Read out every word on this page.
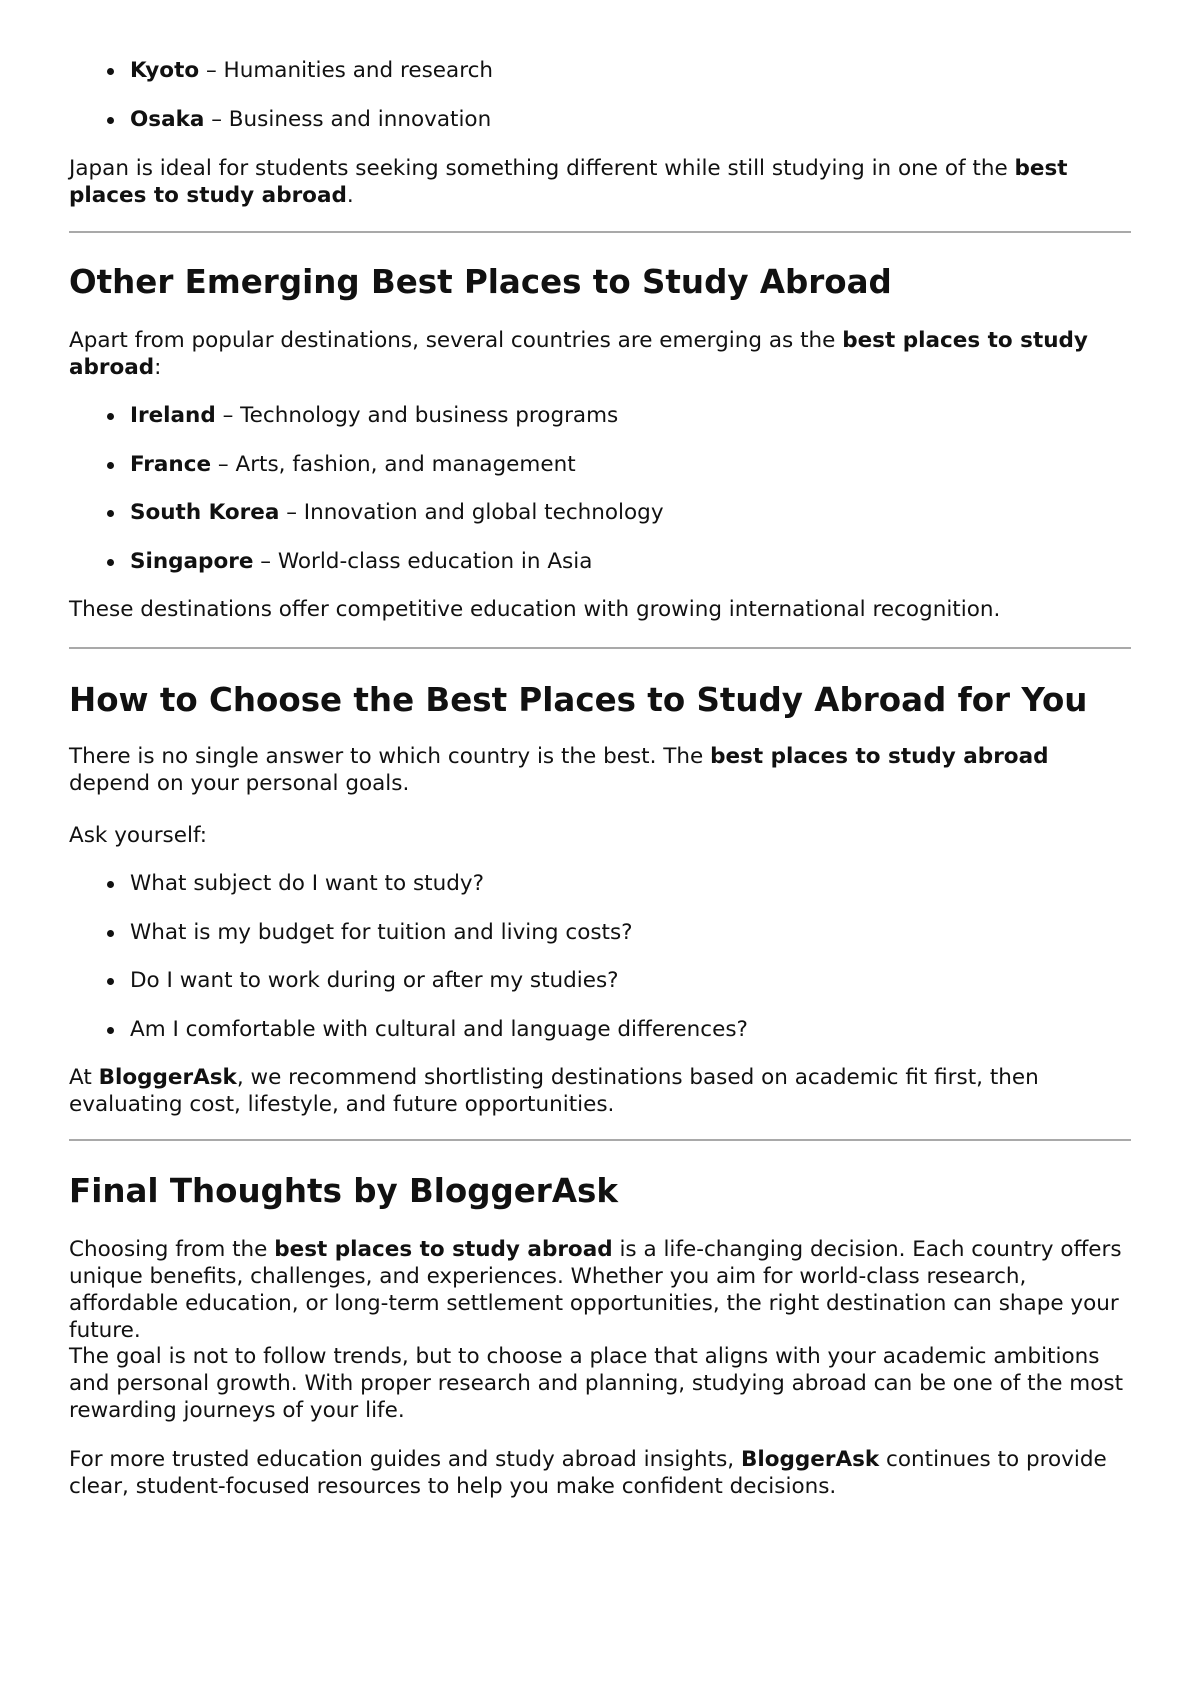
Kyoto – Humanities and research
Osaka – Business and innovation

Japan is ideal for students seeking something different while still studying in one of the best places to study abroad.

Other Emerging Best Places to Study Abroad

Apart from popular destinations, several countries are emerging as the best places to study abroad:

Ireland – Technology and business programs
France – Arts, fashion, and management
South Korea – Innovation and global technology
Singapore – World-class education in Asia

These destinations offer competitive education with growing international recognition.

How to Choose the Best Places to Study Abroad for You

There is no single answer to which country is the best. The best places to study abroad depend on your personal goals.

Ask yourself:

What subject do I want to study?
What is my budget for tuition and living costs?
Do I want to work during or after my studies?
Am I comfortable with cultural and language differences?

At BloggerAsk, we recommend shortlisting destinations based on academic fit first, then evaluating cost, lifestyle, and future opportunities.

Final Thoughts by BloggerAsk

Choosing from the best places to study abroad is a life-changing decision. Each country offers unique benefits, challenges, and experiences. Whether you aim for world-class research, affordable education, or long-term settlement opportunities, the right destination can shape your future.

The goal is not to follow trends, but to choose a place that aligns with your academic ambitions and personal growth. With proper research and planning, studying abroad can be one of the most rewarding journeys of your life.

For more trusted education guides and study abroad insights, BloggerAsk continues to provide clear, student-focused resources to help you make confident decisions.
